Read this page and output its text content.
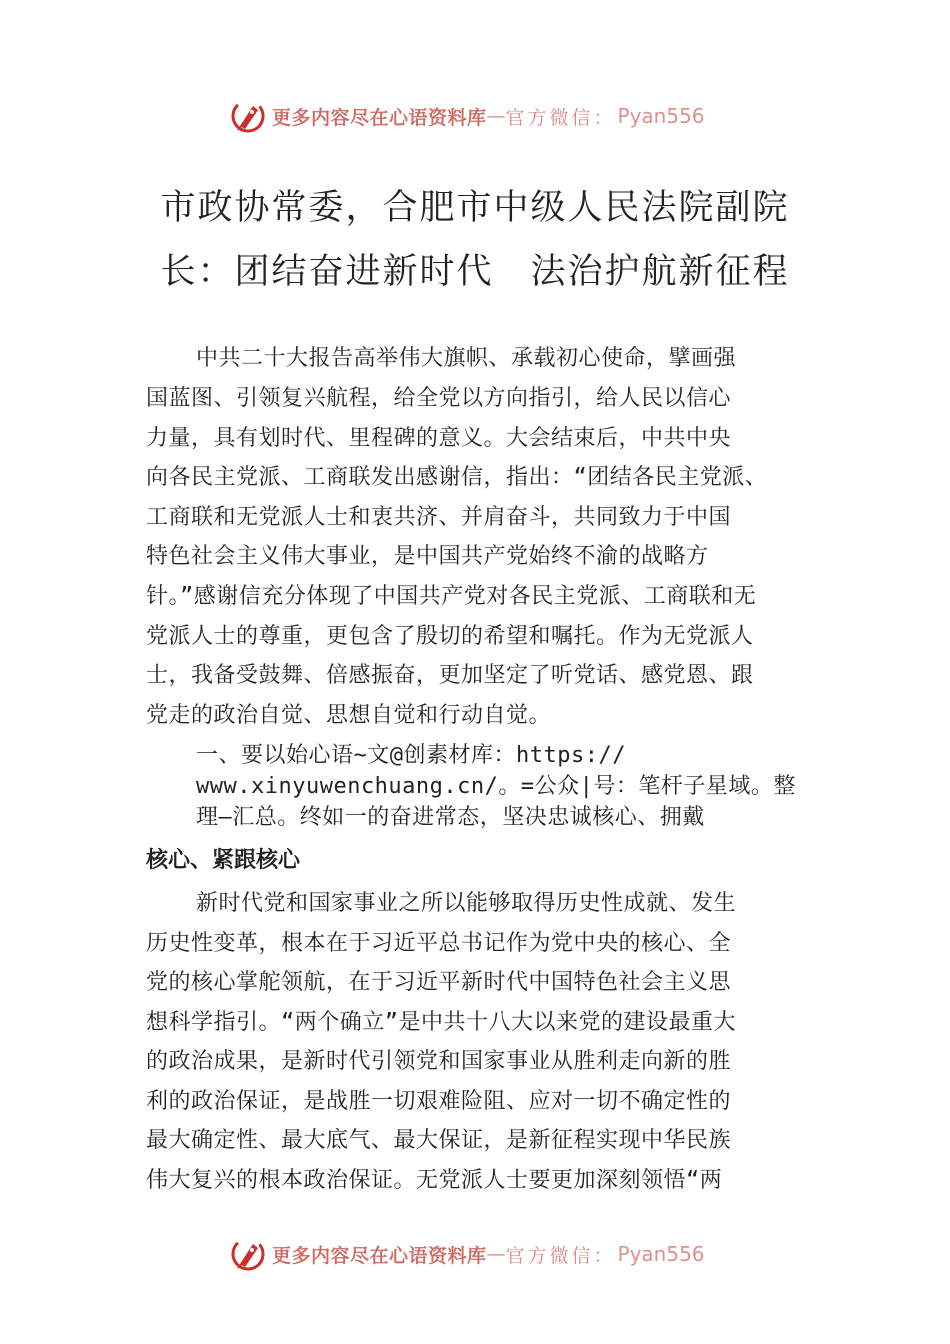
更多内容尽在心语资料库 — 官方微信： Pyan556
市政协常委，合肥市中级人民法院副院
长：团结奋进新时代　法治护航新征程
中共二十大报告高举伟大旗帜、承载初心使命，擘画强
国蓝图、引领复兴航程，给全党以方向指引，给人民以信心
力量，具有划时代、里程碑的意义。大会结束后，中共中央
向各民主党派、工商联发出感谢信，指出：“团结各民主党派、
工商联和无党派人士和衷共济、并肩奋斗，共同致力于中国
特色社会主义伟大事业，是中国共产党始终不渝的战略方
针。”感谢信充分体现了中国共产党对各民主党派、工商联和无
党派人士的尊重，更包含了殷切的希望和嘱托。作为无党派人
士，我备受鼓舞、倍感振奋，更加坚定了听党话、感党恩、跟
党走的政治自觉、思想自觉和行动自觉。
一、要以始心语~文@创素材库：https://
www.xinyuwenchuang.cn/。=公众|号：笔杆子星域。整
理—汇总。终如一的奋进常态，坚决忠诚核心、拥戴
核心、紧跟核心
新时代党和国家事业之所以能够取得历史性成就、发生
历史性变革，根本在于习近平总书记作为党中央的核心、全
党的核心掌舵领航，在于习近平新时代中国特色社会主义思
想科学指引。“两个确立”是中共十八大以来党的建设最重大
的政治成果，是新时代引领党和国家事业从胜利走向新的胜
利的政治保证，是战胜一切艰难险阻、应对一切不确定性的
最大确定性、最大底气、最大保证，是新征程实现中华民族
伟大复兴的根本政治保证。无党派人士要更加深刻领悟“两
更多内容尽在心语资料库 — 官方微信： Pyan556
